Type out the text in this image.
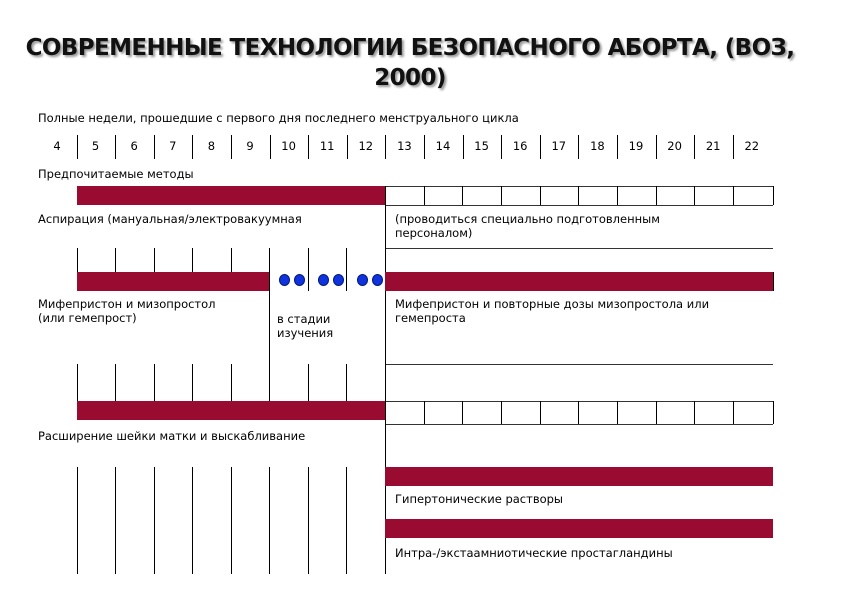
СОВРЕМЕННЫЕ ТЕХНОЛОГИИ БЕЗОПАСНОГО АБОРТА, (ВОЗ,
2000)
Полные недели, прошедшие с первого дня последнего менструального цикла
4	5	6	7	8	9	10	11	12	13	14	15	16	17	18	19	20	21	22
Предпочитаемые методы
Аспирация (мануальная/электровакуумная	(проводиться специально подготовленным
персоналом)
Мифепристон и мизопростол
(или гемепрост)	в стадии
изучения
Мифепристон и повторные дозы мизопростола или
гемепроста
Расширение шейки матки и выскабливание
Гипертонические растворы
Интра-/экстаамниотические простагландины
